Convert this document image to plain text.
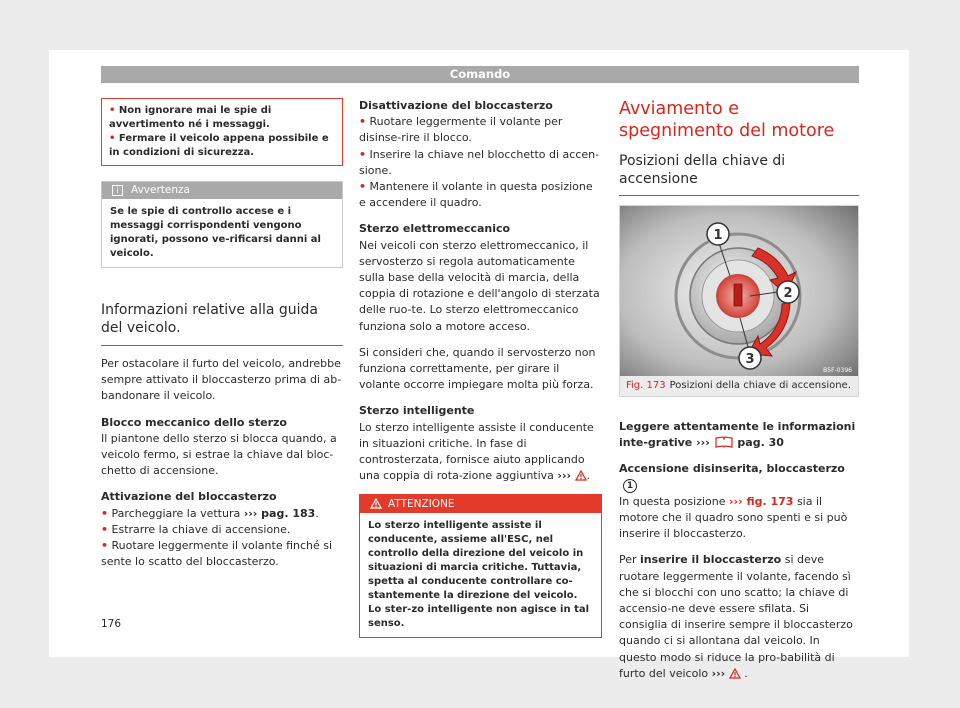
Comando

• Non ignorare mai le spie di avvertimento né i messaggi.

• Fermare il veicolo appena possibile e in condizioni di sicurezza.

i Avvertenza
Se le spie di controllo accese e i messaggi corrispondenti vengono ignorati, possono ve-rificarsi danni al veicolo.
Informazioni relative alla guida del veicolo.

Per ostacolare il furto del veicolo, andrebbe sempre attivato il bloccasterzo prima di ab-bandonare il veicolo.

Blocco meccanico dello sterzo

Il piantone dello sterzo si blocca quando, a veicolo fermo, si estrae la chiave dal bloc-chetto di accensione.

Attivazione del bloccasterzo

• Parcheggiare la vettura ››› pag. 183.

• Estrarre la chiave di accensione.

• Ruotare leggermente il volante finché si sente lo scatto del bloccasterzo.

Disattivazione del bloccasterzo

• Ruotare leggermente il volante per disinse-rire il blocco.

• Inserire la chiave nel blocchetto di accen-sione.

• Mantenere il volante in questa posizione e accendere il quadro.

Sterzo elettromeccanico

Nei veicoli con sterzo elettromeccanico, il servosterzo si regola automaticamente sulla base della velocità di marcia, della coppia di rotazione e dell'angolo di sterzata delle ruo-te. Lo sterzo elettromeccanico funziona solo a motore acceso.

Si consideri che, quando il servosterzo non funziona correttamente, per girare il volante occorre impiegare molta più forza.

Sterzo intelligente

Lo sterzo intelligente assiste il conducente in situazioni critiche. In fase di controsterzata, fornisce aiuto applicando una coppia di rota-zione aggiuntiva ››› .

ATTENZIONE
Lo sterzo intelligente assiste il conducente, assieme all'ESC, nel controllo della direzione del veicolo in situazioni di marcia critiche. Tuttavia, spetta al conducente controllare co-stantemente la direzione del veicolo. Lo ster-zo intelligente non agisce in tal senso.
Avviamento e spegnimento del motore
Posizioni della chiave di accensione
1
2
3
B5F-0396
Fig. 173 Posizioni della chiave di accensione.

Leggere attentamente le informazioni inte-grative ›››	pag. 30

Accensione disinserita, bloccasterzo1

In questa posizione ››› fig. 173 sia il motore che il quadro sono spenti e si può inserire il bloccasterzo.

Per inserire il bloccasterzo si deve ruotare leggermente il volante, facendo sì che si blocchi con uno scatto; la chiave di accensio-ne deve essere sfilata. Si consiglia di inserire sempre il bloccasterzo quando ci si allontana dal veicolo. In questo modo si riduce la pro-babilità di furto del veicolo ›››  .

176
